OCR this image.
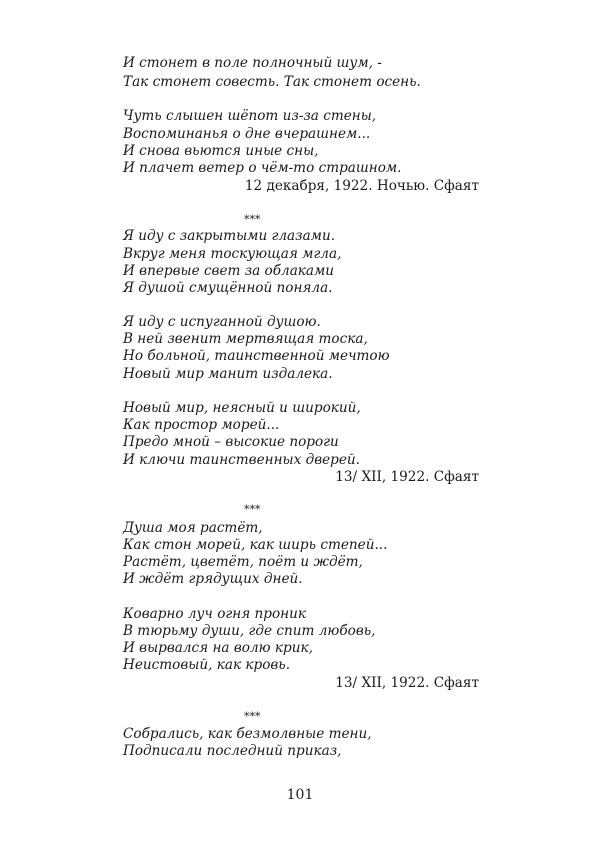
И стонет в поле полночный шум, -
Так стонет совесть. Так стонет осень.
Чуть слышен шёпот из-за стены,
Воспоминанья о дне вчерашнем...
И снова вьются иные сны,
И плачет ветер о чём-то страшном.
12 декабря, 1922. Ночью. Сфаят
***
Я иду с закрытыми глазами.
Вкруг меня тоскующая мгла,
И впервые свет за облаками
Я душой смущённой поняла.
Я иду с испуганной душою.
В ней звенит мертвящая тоска,
Но больной, таинственной мечтою
Новый мир манит издалека.
Новый мир, неясный и широкий,
Как простор морей...
Предо мной – высокие пороги
И ключи таинственных дверей.
13/ XII, 1922. Сфаят
***
Душа моя растёт,
Как стон морей, как ширь степей...
Растёт, цветёт, поёт и ждёт,
И ждёт грядущих дней.
Коварно луч огня проник
В тюрьму души, где спит любовь,
И вырвался на волю крик,
Неистовый, как кровь.
13/ XII, 1922. Сфаят
***
Собрались, как безмолвные тени,
Подписали последний приказ,
101
